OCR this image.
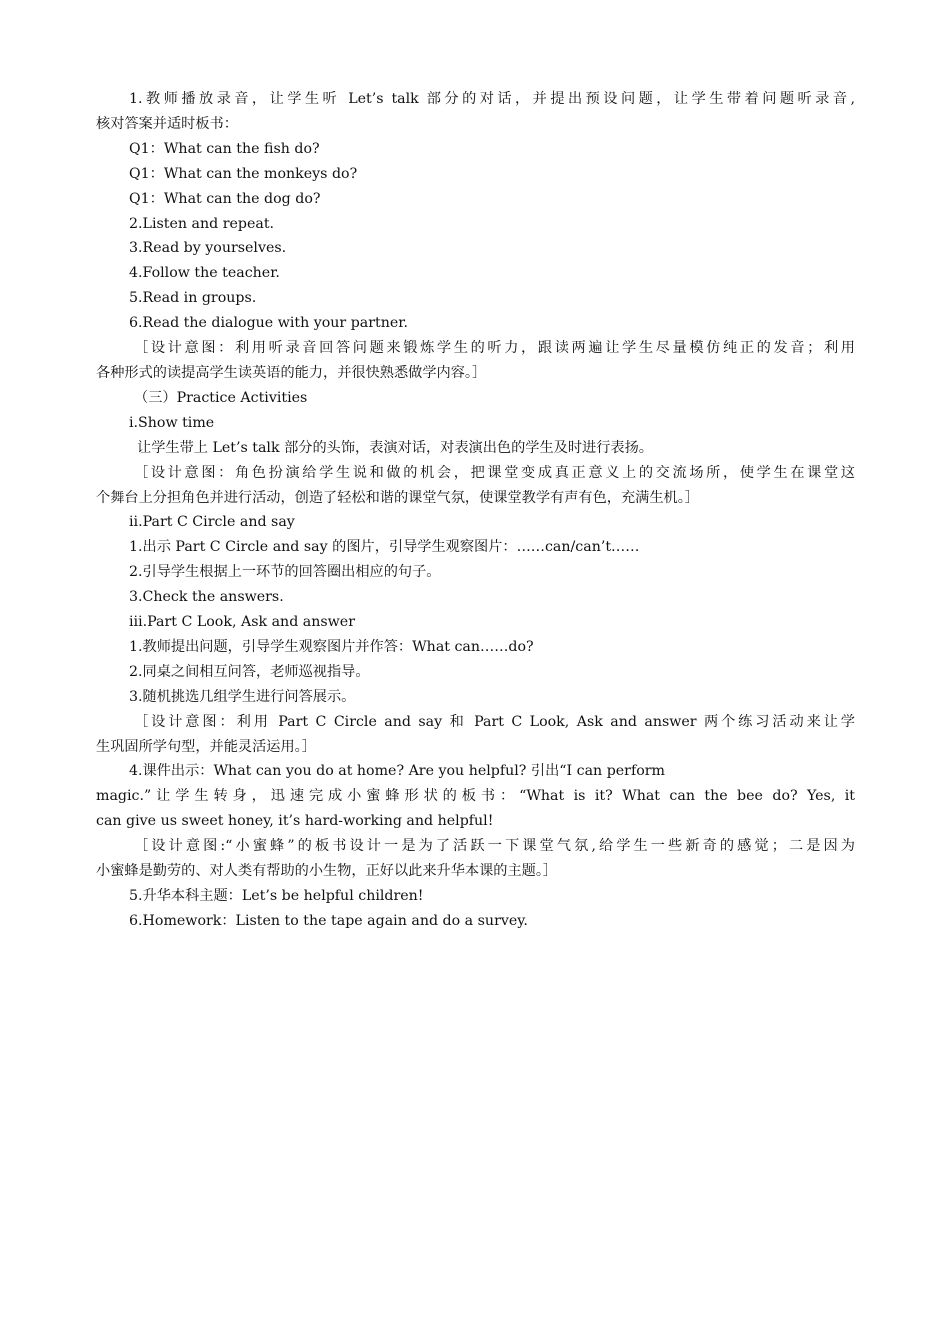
1.教师播放录音，让学生听 Let’s talk 部分的对话，并提出预设问题，让学生带着问题听录音,
核对答案并适时板书：
Q1：What can the fish do?
Q1：What can the monkeys do?
Q1：What can the dog do?
2.Listen and repeat.
3.Read by yourselves.
4.Follow the teacher.
5.Read in groups.
6.Read the dialogue with your partner.
［设计意图：利用听录音回答问题来锻炼学生的听力，跟读两遍让学生尽量模仿纯正的发音；利用
各种形式的读提高学生读英语的能力，并很快熟悉做学内容。］
（三）Practice Activities
ⅰ.Show time
让学生带上 Let’s talk 部分的头饰，表演对话，对表演出色的学生及时进行表扬。
［设计意图：角色扮演给学生说和做的机会，把课堂变成真正意义上的交流场所，使学生在课堂这
个舞台上分担角色并进行活动，创造了轻松和谐的课堂气氛，使课堂教学有声有色，充满生机。］
ⅱ.Part C Circle and say
1.出示 Part C Circle and say 的图片，引导学生观察图片：……can/can’t……
2.引导学生根据上一环节的回答圈出相应的句子。
3.Check the answers.
ⅲ.Part C Look, Ask and answer
1.教师提出问题，引导学生观察图片并作答：What can……do?
2.同桌之间相互问答，老师巡视指导。
3.随机挑选几组学生进行问答展示。
［设计意图：利用 Part C Circle and say 和 Part C Look, Ask and answer 两个练习活动来让学
生巩固所学句型，并能灵活运用。］
4.课件出示：What can you do at home? Are you helpful? 引出“I can perform
magic.”让学生转身，迅速完成小蜜蜂形状的板书：“What is it? What can the bee do? Yes, it
can give us sweet honey, it’s hard-working and helpful!
［设计意图:“小蜜蜂”的板书设计一是为了活跃一下课堂气氛,给学生一些新奇的感觉；二是因为
小蜜蜂是勤劳的、对人类有帮助的小生物，正好以此来升华本课的主题。］
5.升华本科主题：Let’s be helpful children!
6.Homework：Listen to the tape again and do a survey.
